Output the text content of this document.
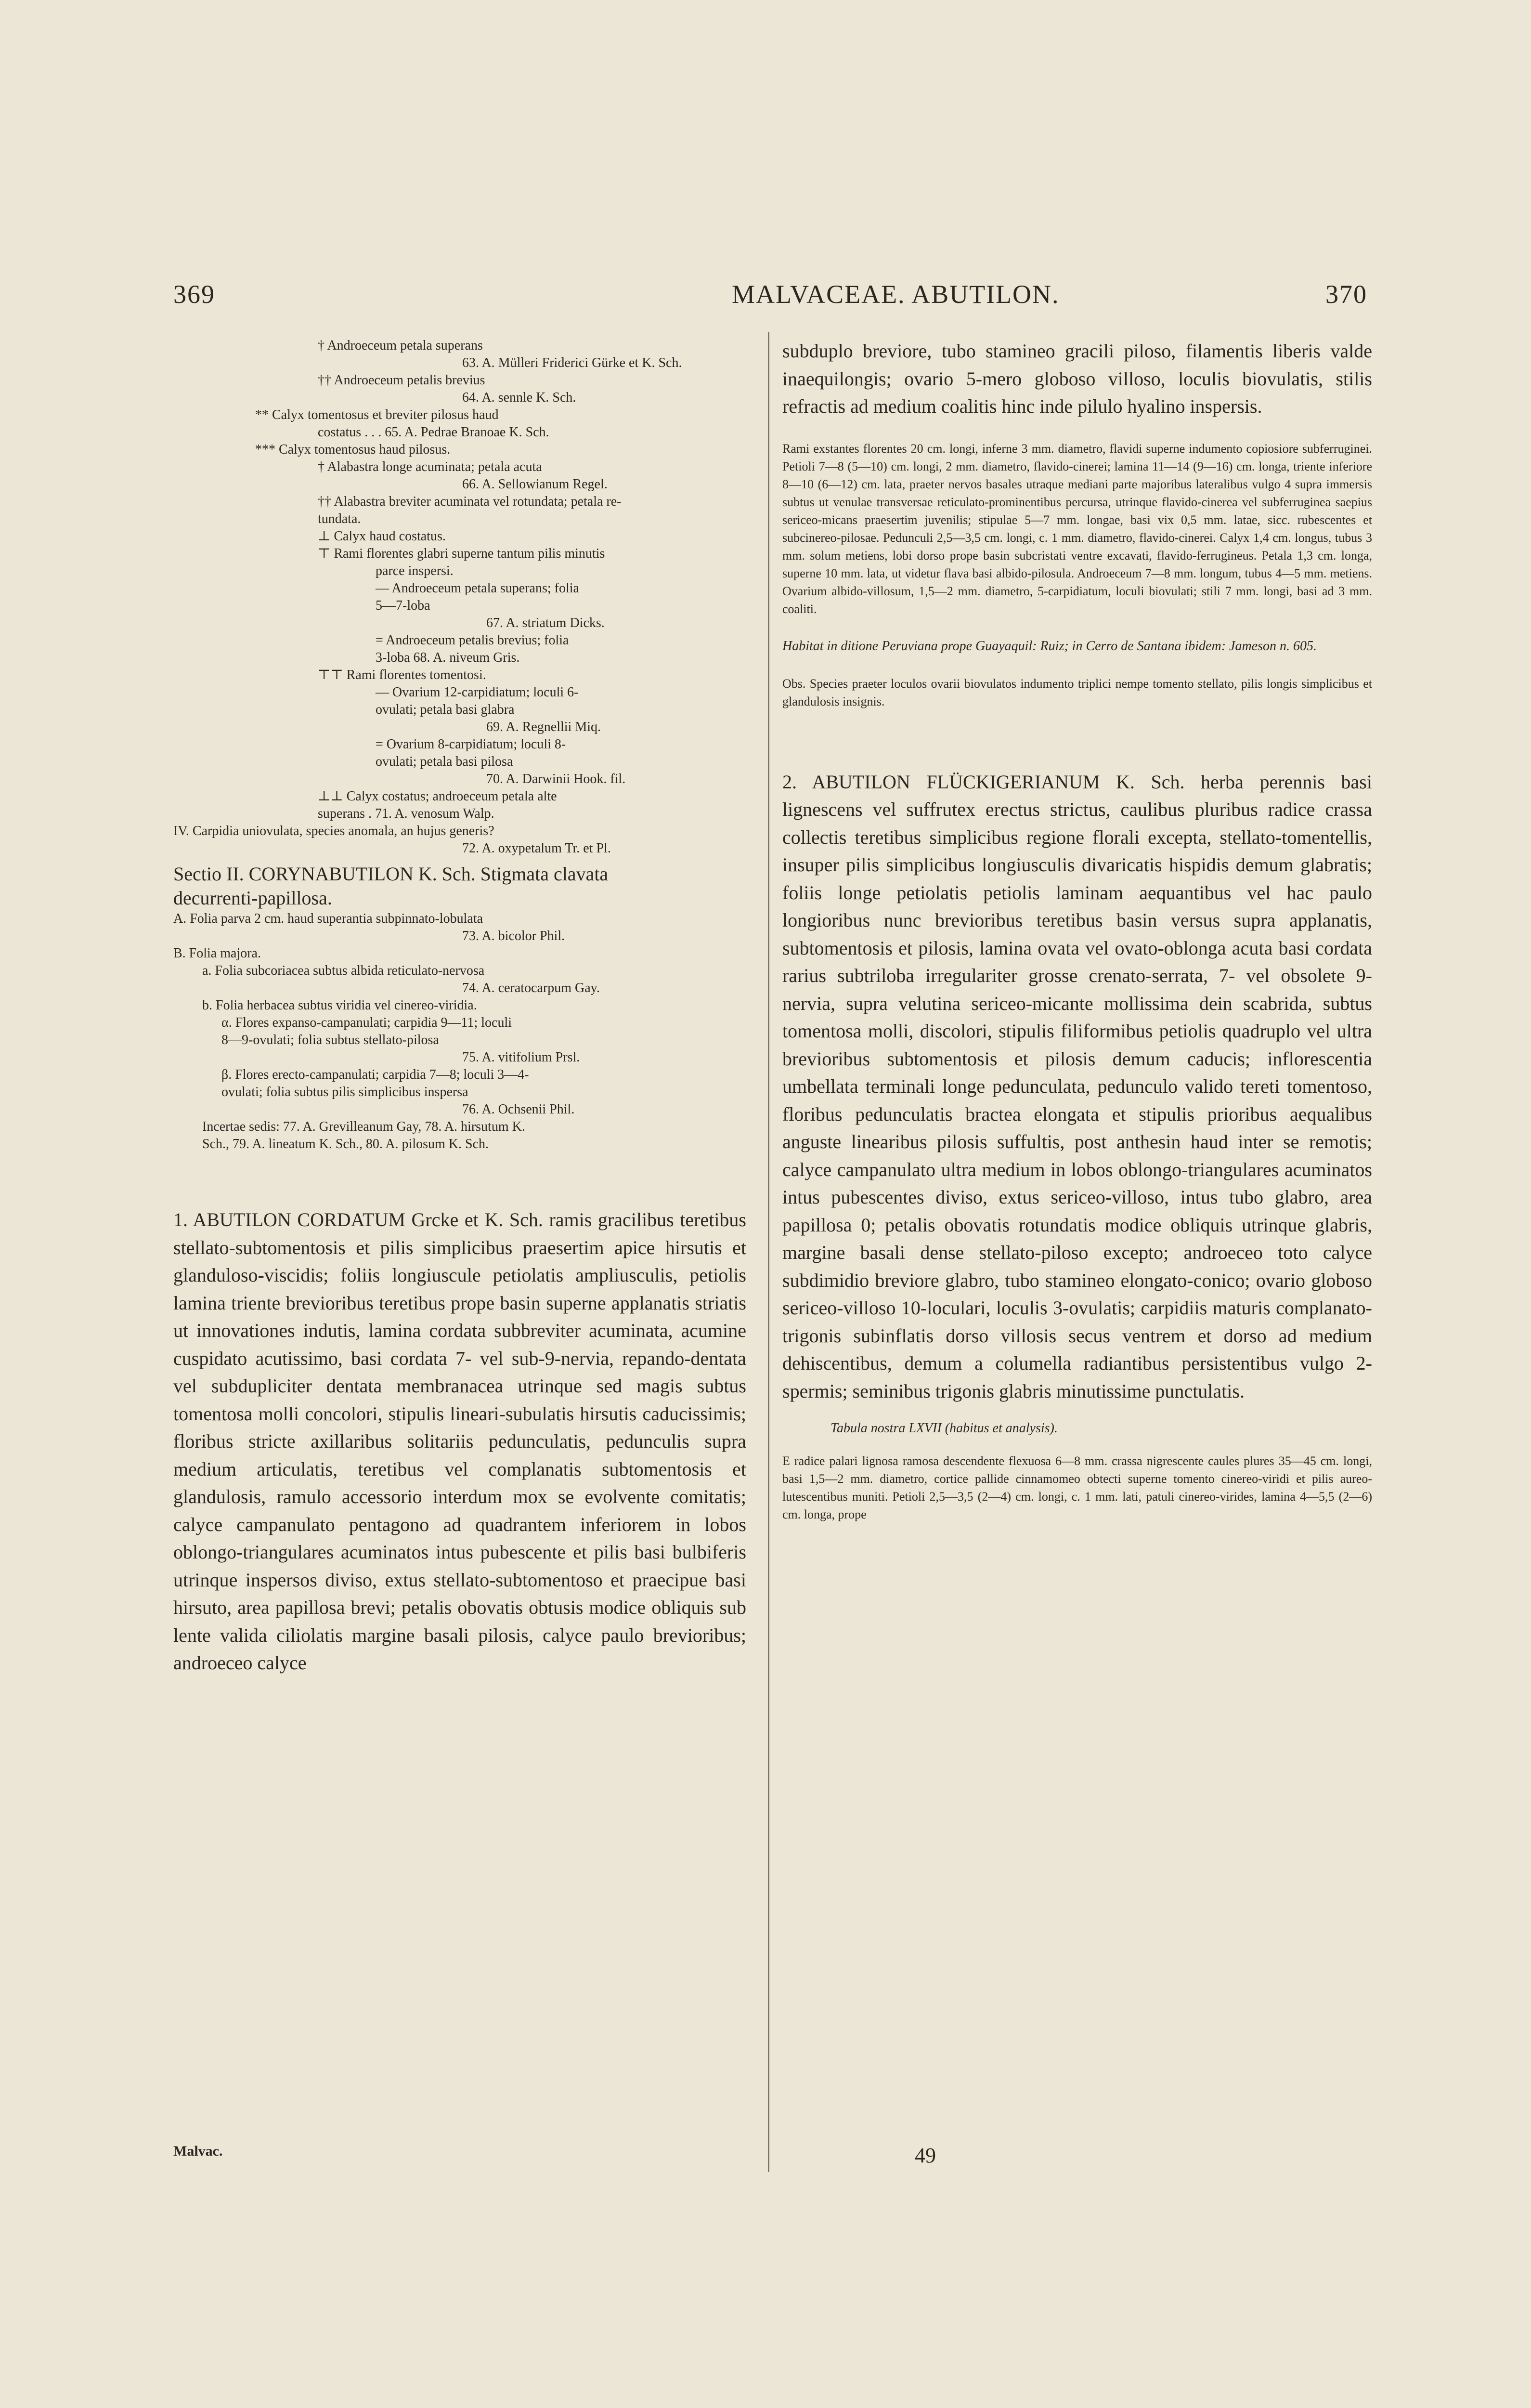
369	MALVACEAE. ABUTILON.	370

† Androeceum petala superans

63. A. Mülleri Friderici Gürke et K. Sch.

†† Androeceum petalis brevius

64. A. sennle K. Sch.

** Calyx tomentosus et breviter pilosus haud

costatus . . . 65. A. Pedrae Branoae K. Sch.

*** Calyx tomentosus haud pilosus.

† Alabastra longe acuminata; petala acuta

66. A. Sellowianum Regel.

†† Alabastra breviter acuminata vel rotundata; petala re-

tundata.

⊥ Calyx haud costatus.

⊤ Rami florentes glabri superne tantum pilis minutis

parce inspersi.

— Androeceum petala superans; folia

5—7-loba

67. A. striatum Dicks.

= Androeceum petalis brevius; folia

3-loba 68. A. niveum Gris.

⊤⊤ Rami florentes tomentosi.

— Ovarium 12-carpidiatum; loculi 6-

ovulati; petala basi glabra

69. A. Regnellii Miq.

= Ovarium 8-carpidiatum; loculi 8-

ovulati; petala basi pilosa

70. A. Darwinii Hook. fil.

⊥⊥ Calyx costatus; androeceum petala alte

superans . 71. A. venosum Walp.

IV. Carpidia uniovulata, species anomala, an hujus generis?

72. A. oxypetalum Tr. et Pl.

Sectio II. CORYNABUTILON K. Sch. Stigmata clavata

decurrenti-papillosa.

A. Folia parva 2 cm. haud superantia subpinnato-lobulata

73. A. bicolor Phil.

B. Folia majora.

a. Folia subcoriacea subtus albida reticulato-nervosa

74. A. ceratocarpum Gay.

b. Folia herbacea subtus viridia vel cinereo-viridia.

α. Flores expanso-campanulati; carpidia 9—11; loculi

8—9-ovulati; folia subtus stellato-pilosa

75. A. vitifolium Prsl.

β. Flores erecto-campanulati; carpidia 7—8; loculi 3—4-

ovulati; folia subtus pilis simplicibus inspersa

76. A. Ochsenii Phil.

Incertae sedis: 77. A. Grevilleanum Gay, 78. A. hirsutum K.

Sch., 79. A. lineatum K. Sch., 80. A. pilosum K. Sch.

1. ABUTILON CORDATUM Grcke et K. Sch. ramis gracilibus teretibus stellato-subtomentosis et pilis simplicibus praesertim apice hirsutis et glanduloso-viscidis; foliis longiuscule petiolatis ampliusculis, petiolis lamina triente brevioribus teretibus prope basin superne applanatis striatis ut innovationes indutis, lamina cordata subbreviter acuminata, acumine cuspidato acutissimo, basi cordata 7- vel sub-9-nervia, repando-dentata vel subdupliciter dentata membranacea utrinque sed magis subtus tomentosa molli concolori, stipulis lineari-subulatis hirsutis caducissimis; floribus stricte axillaribus solitariis pedunculatis, pedunculis supra medium articulatis, teretibus vel complanatis subtomentosis et glandulosis, ramulo accessorio interdum mox se evolvente comitatis; calyce campanulato pentagono ad quadrantem inferiorem in lobos oblongo-triangulares acuminatos intus pubescente et pilis basi bulbiferis utrinque inspersos diviso, extus stellato-subtomentoso et praecipue basi hirsuto, area papillosa brevi; petalis obovatis obtusis modice obliquis sub lente valida ciliolatis margine basali pilosis, calyce paulo brevioribus; androeceo calyce

subduplo breviore, tubo stamineo gracili piloso, filamentis liberis valde inaequilongis; ovario 5-mero globoso villoso, loculis biovulatis, stilis refractis ad medium coalitis hinc inde pilulo hyalino inspersis.

Rami exstantes florentes 20 cm. longi, inferne 3 mm. diametro, flavidi superne indumento copiosiore subferruginei. Petioli 7—8 (5—10) cm. longi, 2 mm. diametro, flavido-cinerei; lamina 11—14 (9—16) cm. longa, triente inferiore 8—10 (6—12) cm. lata, praeter nervos basales utraque mediani parte majoribus lateralibus vulgo 4 supra immersis subtus ut venulae transversae reticulato-prominentibus percursa, utrinque flavido-cinerea vel subferruginea saepius sericeo-micans praesertim juvenilis; stipulae 5—7 mm. longae, basi vix 0,5 mm. latae, sicc. rubescentes et subcinereo-pilosae. Pedunculi 2,5—3,5 cm. longi, c. 1 mm. diametro, flavido-cinerei. Calyx 1,4 cm. longus, tubus 3 mm. solum metiens, lobi dorso prope basin subcristati ventre excavati, flavido-ferrugineus. Petala 1,3 cm. longa, superne 10 mm. lata, ut videtur flava basi albido-pilosula. Androeceum 7—8 mm. longum, tubus 4—5 mm. metiens. Ovarium albido-villosum, 1,5—2 mm. diametro, 5-carpidiatum, loculi biovulati; stili 7 mm. longi, basi ad 3 mm. coaliti.

Habitat in ditione Peruviana prope Guayaquil: Ruiz; in Cerro de Santana ibidem: Jameson n. 605.

Obs. Species praeter loculos ovarii biovulatos indumento triplici nempe tomento stellato, pilis longis simplicibus et glandulosis insignis.

2. ABUTILON FLÜCKIGERIANUM K. Sch. herba perennis basi lignescens vel suffrutex erectus strictus, caulibus pluribus radice crassa collectis teretibus simplicibus regione florali excepta, stellato-tomentellis, insuper pilis simplicibus longiusculis divaricatis hispidis demum glabratis; foliis longe petiolatis petiolis laminam aequantibus vel hac paulo longioribus nunc brevioribus teretibus basin versus supra applanatis, subtomentosis et pilosis, lamina ovata vel ovato-oblonga acuta basi cordata rarius subtriloba irregulariter grosse crenato-serrata, 7- vel obsolete 9-nervia, supra velutina sericeo-micante mollissima dein scabrida, subtus tomentosa molli, discolori, stipulis filiformibus petiolis quadruplo vel ultra brevioribus subtomentosis et pilosis demum caducis; inflorescentia umbellata terminali longe pedunculata, pedunculo valido tereti tomentoso, floribus pedunculatis bractea elongata et stipulis prioribus aequalibus anguste linearibus pilosis suffultis, post anthesin haud inter se remotis; calyce campanulato ultra medium in lobos oblongo-triangulares acuminatos intus pubescentes diviso, extus sericeo-villoso, intus tubo glabro, area papillosa 0; petalis obovatis rotundatis modice obliquis utrinque glabris, margine basali dense stellato-piloso excepto; androeceo toto calyce subdimidio breviore glabro, tubo stamineo elongato-conico; ovario globoso sericeo-villoso 10-loculari, loculis 3-ovulatis; carpidiis maturis complanato-trigonis subinflatis dorso villosis secus ventrem et dorso ad medium dehiscentibus, demum a columella radiantibus persistentibus vulgo 2-spermis; seminibus trigonis glabris minutissime punctulatis.

Tabula nostra LXVII (habitus et analysis).

E radice palari lignosa ramosa descendente flexuosa 6—8 mm. crassa nigrescente caules plures 35—45 cm. longi, basi 1,5—2 mm. diametro, cortice pallide cinnamomeo obtecti superne tomento cinereo-viridi et pilis aureo-lutescentibus muniti. Petioli 2,5—3,5 (2—4) cm. longi, c. 1 mm. lati, patuli cinereo-virides, lamina 4—5,5 (2—6) cm. longa, prope

Malvac.	49
